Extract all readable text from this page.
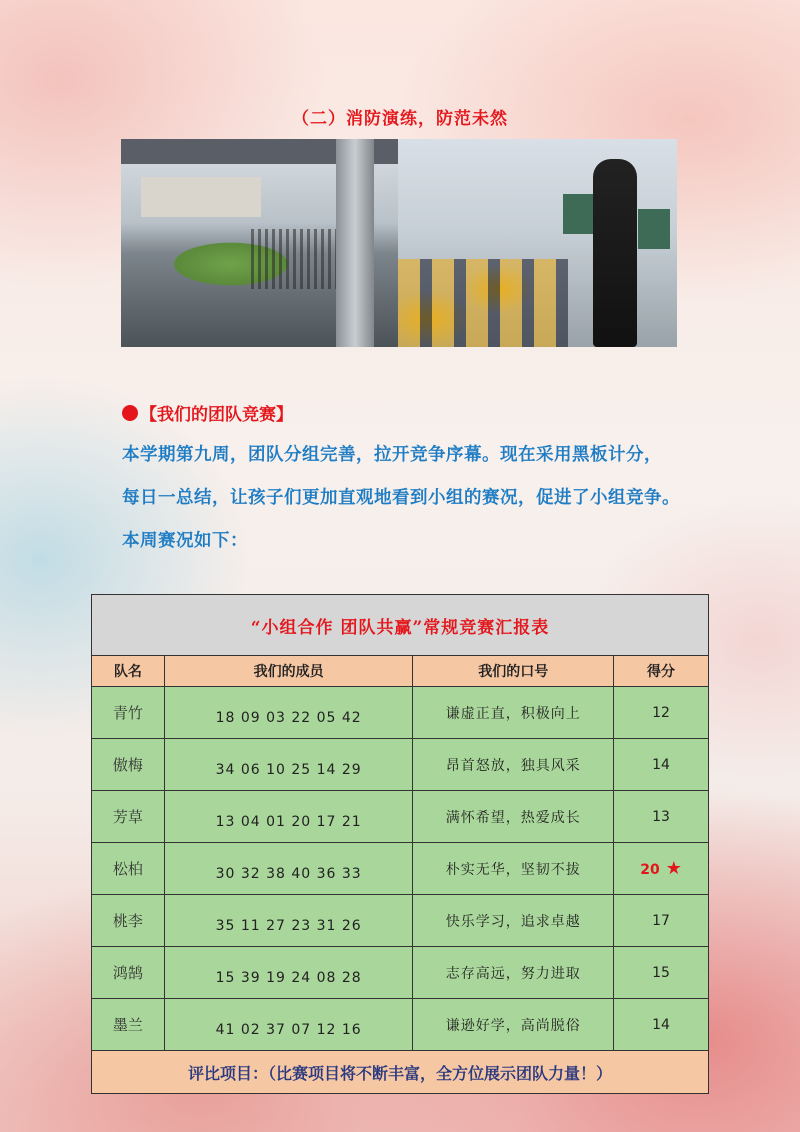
（二）消防演练，防范未然
【我们的团队竞赛】
本学期第九周，团队分组完善，拉开竞争序幕。现在采用黑板计分，
每日一总结，让孩子们更加直观地看到小组的赛况，促进了小组竞争。
本周赛况如下：
“小组合作 团队共赢”常规竞赛汇报表			
队名	我们的成员	我们的口号	得分
青竹	18 09 03 22 05 42	谦虚正直，积极向上	12
傲梅	34 06 10 25 14 29	昂首怒放，独具风采	14
芳草	13 04 01 20 17 21	满怀希望，热爱成长	13
松柏	30 32 38 40 36 33	朴实无华，坚韧不拔	20 ★
桃李	35 11 27 23 31 26	快乐学习，追求卓越	17
鸿鹄	15 39 19 24 08 28	志存高远，努力进取	15
墨兰	41 02 37 07 12 16	谦逊好学，高尚脱俗	14
评比项目：（比赛项目将不断丰富，全方位展示团队力量！）			
